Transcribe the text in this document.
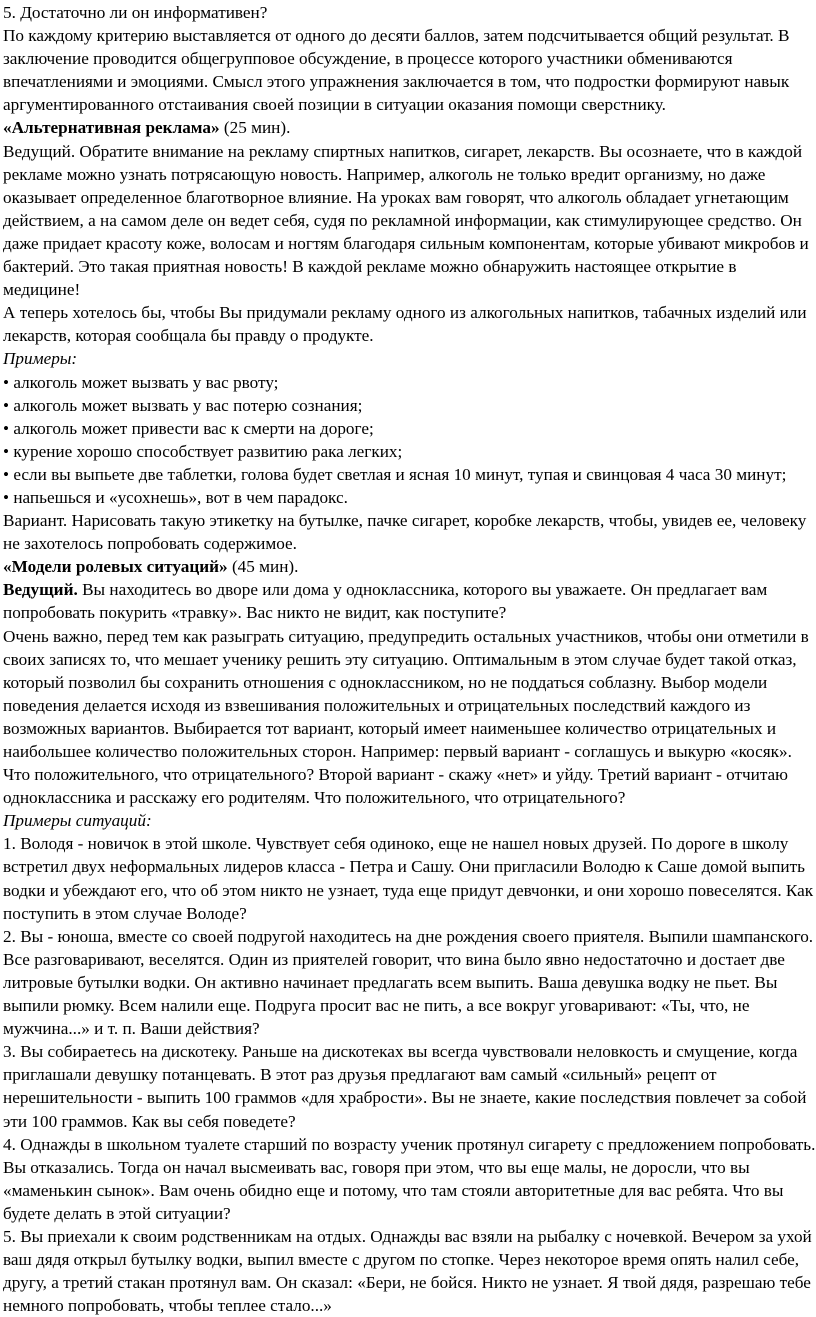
5. Достаточно ли он информативен?

По каждому критерию выставляется от одного до десяти баллов, затем подсчитывается общий результат. В заключение проводится общегрупповое обсуждение, в процессе которого участники обмениваются впечатлениями и эмоциями. Смысл этого упражнения заключается в том, что подростки формируют навык аргументированного отстаивания своей позиции в ситуации оказания помощи сверстнику.

«Альтернативная реклама» (25 мин).

Ведущий. Обратите внимание на рекламу спиртных напитков, сигарет, лекарств. Вы осознаете, что в каждой рекламе можно узнать потрясающую новость. Например, алкоголь не только вредит организму, но даже оказывает определенное благотворное влияние. На уроках вам говорят, что алкоголь обладает угнетающим действием, а на самом деле он ведет себя, судя по рекламной информации, как стимулирующее средство. Он даже придает красоту коже, волосам и ногтям благодаря сильным компонентам, которые убивают микробов и бактерий. Это такая приятная новость! В каждой рекламе можно обнаружить настоящее открытие в медицине!

А теперь хотелось бы, чтобы Вы придумали рекламу одного из алкогольных напитков, табачных изделий или лекарств, которая сообщала бы правду о продукте.

Примеры:

• алкоголь может вызвать у вас рвоту;

• алкоголь может вызвать у вас потерю сознания;

• алкоголь может привести вас к смерти на дороге;

• курение хорошо способствует развитию рака легких;

• если вы выпьете две таблетки, голова будет светлая и ясная 10 минут, тупая и свинцовая 4 часа 30 минут;

• напьешься и «усохнешь», вот в чем парадокс.

Вариант. Нарисовать такую этикетку на бутылке, пачке сигарет, коробке лекарств, чтобы, увидев ее, человеку не захотелось попробовать содержимое.

«Модели ролевых ситуаций» (45 мин).

Ведущий. Вы находитесь во дворе или дома у одноклассника, которого вы уважаете. Он предлагает вам попробовать покурить «травку». Вас никто не видит, как поступите?

Очень важно, перед тем как разыграть ситуацию, предупредить остальных участников, чтобы они отметили в своих записях то, что мешает ученику решить эту ситуацию. Оптимальным в этом случае будет такой отказ, который позволил бы сохранить отношения с одноклассником, но не поддаться соблазну. Выбор модели поведения делается исходя из взвешивания положительных и отрицательных последствий каждого из возможных вариантов. Выбирается тот вариант, который имеет наименьшее количество отрицательных и наибольшее количество положительных сторон. Например: первый вариант - соглашусь и выкурю «косяк». Что положительного, что отрицательного? Второй вариант - скажу «нет» и уйду. Третий вариант - отчитаю одноклассника и расскажу его родителям. Что положительного, что отрицательного?

Примеры ситуаций:

1. Володя - новичок в этой школе. Чувствует себя одиноко, еще не нашел новых друзей. По дороге в школу встретил двух неформальных лидеров класса - Петра и Сашу. Они пригласили Володю к Саше домой выпить водки и убеждают его, что об этом никто не узнает, туда еще придут девчонки, и они хорошо повеселятся. Как поступить в этом случае Володе?

2. Вы - юноша, вместе со своей подругой находитесь на дне рождения своего приятеля. Выпили шампанского. Все разговаривают, веселятся. Один из приятелей говорит, что вина было явно недостаточно и достает две литровые бутылки водки. Он активно начинает предлагать всем выпить. Ваша девушка водку не пьет. Вы выпили рюмку. Всем налили еще. Подруга просит вас не пить, а все вокруг уговаривают: «Ты, что, не мужчина...» и т. п. Ваши действия?

3. Вы собираетесь на дискотеку. Раньше на дискотеках вы всегда чувствовали неловкость и смущение, когда приглашали девушку потанцевать. В этот раз друзья предлагают вам самый «сильный» рецепт от нерешительности - выпить 100 граммов «для храбрости». Вы не знаете, какие последствия повлечет за собой эти 100 граммов. Как вы себя поведете?

4. Однажды в школьном туалете старший по возрасту ученик протянул сигарету с предложением попробовать. Вы отказались. Тогда он начал высмеивать вас, говоря при этом, что вы еще малы, не доросли, что вы «маменькин сынок». Вам очень обидно еще и потому, что там стояли авторитетные для вас ребята. Что вы будете делать в этой ситуации?

5. Вы приехали к своим родственникам на отдых. Однажды вас взяли на рыбалку с ночевкой. Вечером за ухой ваш дядя открыл бутылку водки, выпил вместе с другом по стопке. Через некоторое время опять налил себе, другу, а третий стакан протянул вам. Он сказал: «Бери, не бойся. Никто не узнает. Я твой дядя, разрешаю тебе немного попробовать, чтобы теплее стало...»
